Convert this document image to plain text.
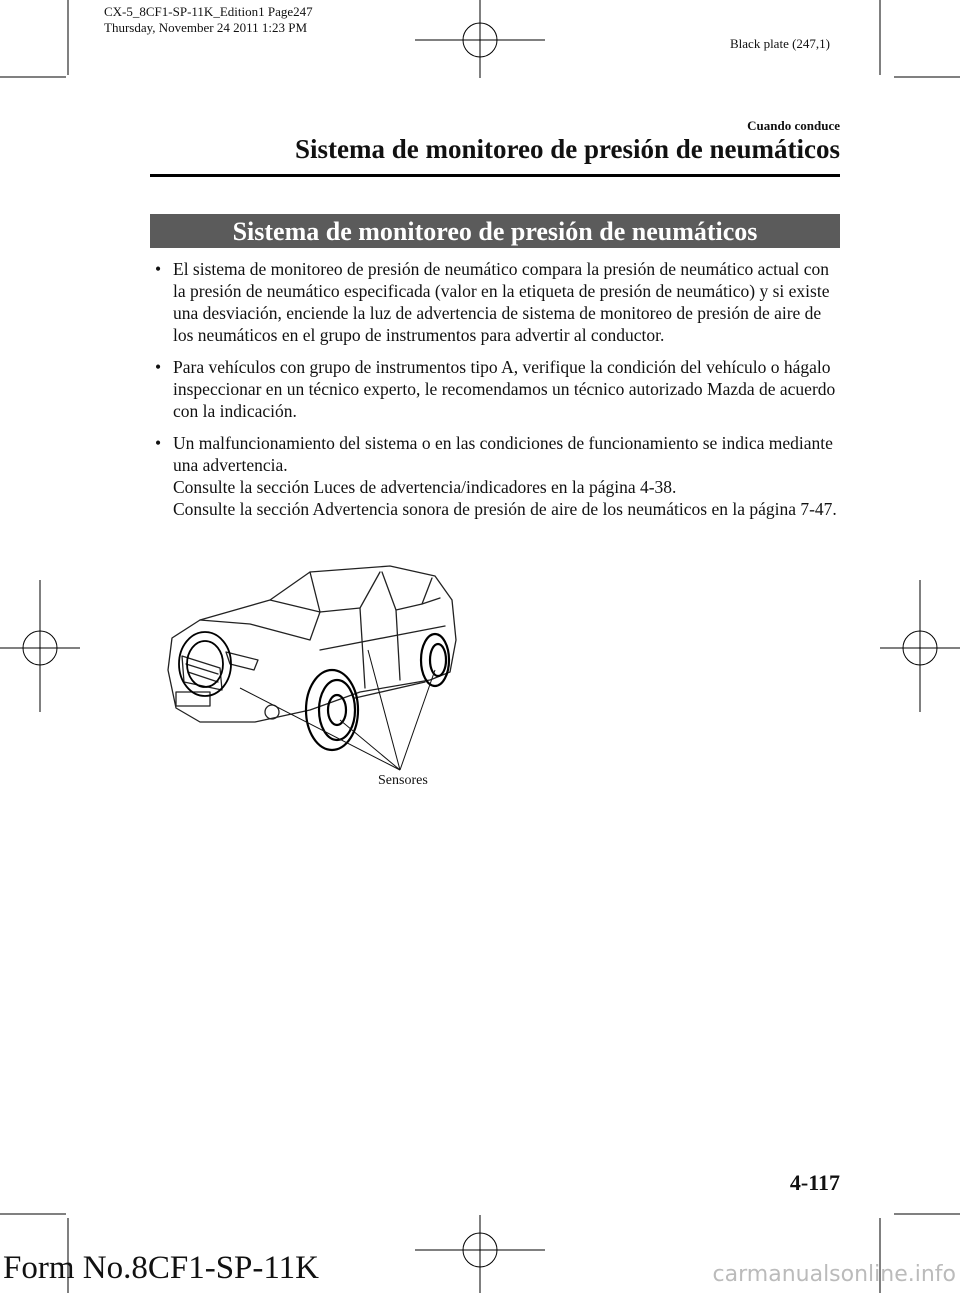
CX-5_8CF1-SP-11K_Edition1 Page247
Thursday, November 24 2011 1:23 PM
Black plate (247,1)
Cuando conduce
Sistema de monitoreo de presión de neumáticos
Sistema de monitoreo de presión de neumáticos
• El sistema de monitoreo de presión de neumático compara la presión de neumático actual con la presión de neumático especificada (valor en la etiqueta de presión de neumático) y si existe una desviación, enciende la luz de advertencia de sistema de monitoreo de presión de aire de los neumáticos en el grupo de instrumentos para advertir al conductor.

• Para vehículos con grupo de instrumentos tipo A, verifique la condición del vehículo o hágalo inspeccionar en un técnico experto, le recomendamos un técnico autorizado Mazda de acuerdo con la indicación.

• Un malfuncionamiento del sistema o en las condiciones de funcionamiento se indica mediante una advertencia.

Consulte la sección Luces de advertencia/indicadores en la página 4-38.

Consulte la sección Advertencia sonora de presión de aire de los neumáticos en la página 7-47.

Sensores
4-117
Form No.8CF1-SP-11K	carmanualsonline.info
